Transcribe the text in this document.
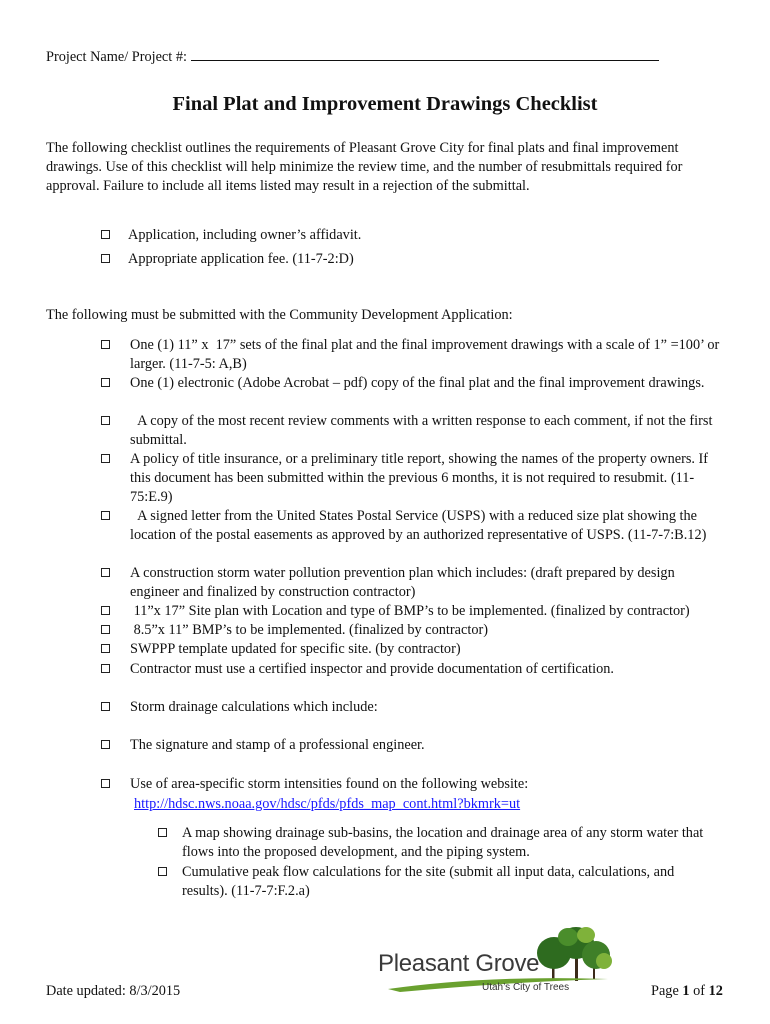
Project Name/ Project #:
Final Plat and Improvement Drawings Checklist
The following checklist outlines the requirements of Pleasant Grove City for final plats and final improvement drawings. Use of this checklist will help minimize the review time, and the number of resubmittals required for approval. Failure to include all items listed may result in a rejection of the submittal.
Application, including owner’s affidavit.
Appropriate application fee. (11-7-2:D)
The following must be submitted with the Community Development Application:
One (1) 11” x  17” sets of the final plat and the final improvement drawings with a scale of 1” =100’ or larger. (11-7-5: A,B)
One (1) electronic (Adobe Acrobat – pdf) copy of the final plat and the final improvement drawings.
A copy of the most recent review comments with a written response to each comment, if not the first submittal.
A policy of title insurance, or a preliminary title report, showing the names of the property owners. If this document has been submitted within the previous 6 months, it is not required to resubmit. (11-75:E.9)
A signed letter from the United States Postal Service (USPS) with a reduced size plat showing the location of the postal easements as approved by an authorized representative of USPS. (11-7-7:B.12)
A construction storm water pollution prevention plan which includes: (draft prepared by design engineer and finalized by construction contractor)
11”x 17” Site plan with Location and type of BMP’s to be implemented. (finalized by contractor)
8.5”x 11” BMP’s to be implemented. (finalized by contractor)
SWPPP template updated for specific site. (by contractor)
Contractor must use a certified inspector and provide documentation of certification.
Storm drainage calculations which include:
The signature and stamp of a professional engineer.
Use of area-specific storm intensities found on the following website:
http://hdsc.nws.noaa.gov/hdsc/pfds/pfds_map_cont.html?bkmrk=ut
A map showing drainage sub-basins, the location and drainage area of any storm water that flows into the proposed development, and the piping system.
Cumulative peak flow calculations for the site (submit all input data, calculations, and results). (11-7-7:F.2.a)
Pleasant Grove
Utah’s City of Trees
Date updated: 8/3/2015	Page 1 of 12
